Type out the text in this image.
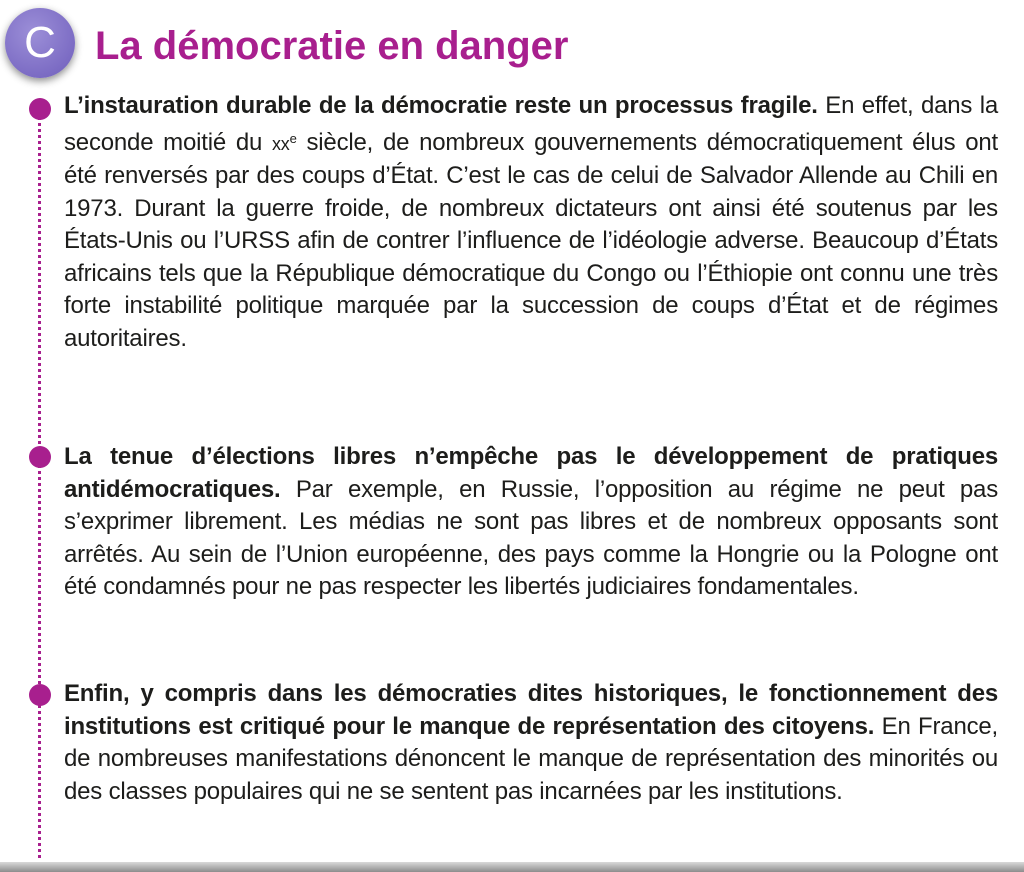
C La démocratie en danger

L’instauration durable de la démocratie reste un processus fragile. En effet, dans la seconde moitié du $xx^e$ siècle, de nombreux gouvernements démocratiquement élus ont été renversés par des coups d’État. C’est le cas de celui de Salvador Allende au Chili en 1973. Durant la guerre froide, de nombreux dictateurs ont ainsi été soutenus par les États-Unis ou l’URSS afin de contrer l’influence de l’idéologie adverse. Beaucoup d’États africains tels que la République démocratique du Congo ou l’Éthiopie ont connu une très forte instabilité politique marquée par la succession de coups d’État et de régimes autoritaires.

La tenue d’élections libres n’empêche pas le développement de pratiques antidémocratiques. Par exemple, en Russie, l’opposition au régime ne peut pas s’exprimer librement. Les médias ne sont pas libres et de nombreux opposants sont arrêtés. Au sein de l’Union européenne, des pays comme la Hongrie ou la Pologne ont été condamnés pour ne pas respecter les libertés judiciaires fondamentales.

Enfin, y compris dans les démocraties dites historiques, le fonctionnement des institutions est critiqué pour le manque de représentation des citoyens. En France, de nombreuses manifestations dénoncent le manque de représentation des minorités ou des classes populaires qui ne se sentent pas incarnées par les institutions.
